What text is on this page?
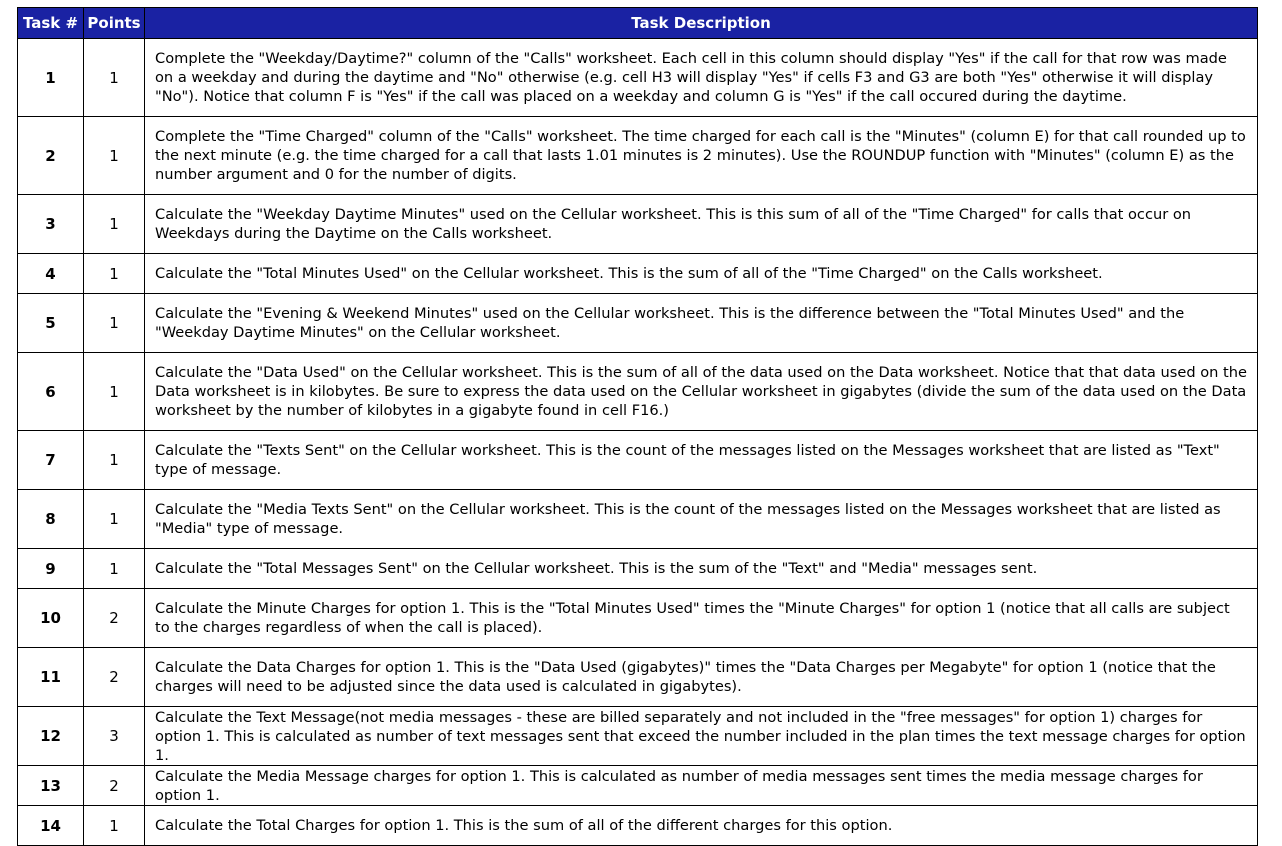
Task #	Points	Task Description
1	1	Complete the "Weekday/Daytime?" column of the "Calls" worksheet. Each cell in this column should display "Yes" if the call for that row was made on a weekday and during the daytime and "No" otherwise (e.g. cell H3 will display "Yes" if cells F3 and G3 are both "Yes" otherwise it will display "No"). Notice that column F is "Yes" if the call was placed on a weekday and column G is "Yes" if the call occured during the daytime.
2	1	Complete the "Time Charged" column of the "Calls" worksheet. The time charged for each call is the "Minutes" (column E) for that call rounded up to the next minute (e.g. the time charged for a call that lasts 1.01 minutes is 2 minutes). Use the ROUNDUP function with "Minutes" (column E) as the number argument and 0 for the number of digits.
3	1	Calculate the "Weekday Daytime Minutes" used on the Cellular worksheet. This is this sum of all of the "Time Charged" for calls that occur on Weekdays during the Daytime on the Calls worksheet.
4	1	Calculate the "Total Minutes Used" on the Cellular worksheet. This is the sum of all of the "Time Charged" on the Calls worksheet.
5	1	Calculate the "Evening & Weekend Minutes" used on the Cellular worksheet. This is the difference between the "Total Minutes Used" and the "Weekday Daytime Minutes" on the Cellular worksheet.
6	1	Calculate the "Data Used" on the Cellular worksheet. This is the sum of all of the data used on the Data worksheet. Notice that that data used on the Data worksheet is in kilobytes. Be sure to express the data used on the Cellular worksheet in gigabytes (divide the sum of the data used on the Data worksheet by the number of kilobytes in a gigabyte found in cell F16.)
7	1	Calculate the "Texts Sent" on the Cellular worksheet. This is the count of the messages listed on the Messages worksheet that are listed as "Text" type of message.
8	1	Calculate the "Media Texts Sent" on the Cellular worksheet. This is the count of the messages listed on the Messages worksheet that are listed as "Media" type of message.
9	1	Calculate the "Total Messages Sent" on the Cellular worksheet. This is the sum of the "Text" and "Media" messages sent.
10	2	Calculate the Minute Charges for option 1. This is the "Total Minutes Used" times the "Minute Charges" for option 1 (notice that all calls are subject to the charges regardless of when the call is placed).
11	2	Calculate the Data Charges for option 1. This is the "Data Used (gigabytes)" times the "Data Charges per Megabyte" for option 1 (notice that the charges will need to be adjusted since the data used is calculated in gigabytes).
12	3	Calculate the Text Message(not media messages - these are billed separately and not included in the "free messages" for option 1) charges for option 1. This is calculated as number of text messages sent that exceed the number included in the plan times the text message charges for option 1.
13	2	Calculate the Media Message charges for option 1. This is calculated as number of media messages sent times the media message charges for option 1.
14	1	Calculate the Total Charges for option 1. This is the sum of all of the different charges for this option.
